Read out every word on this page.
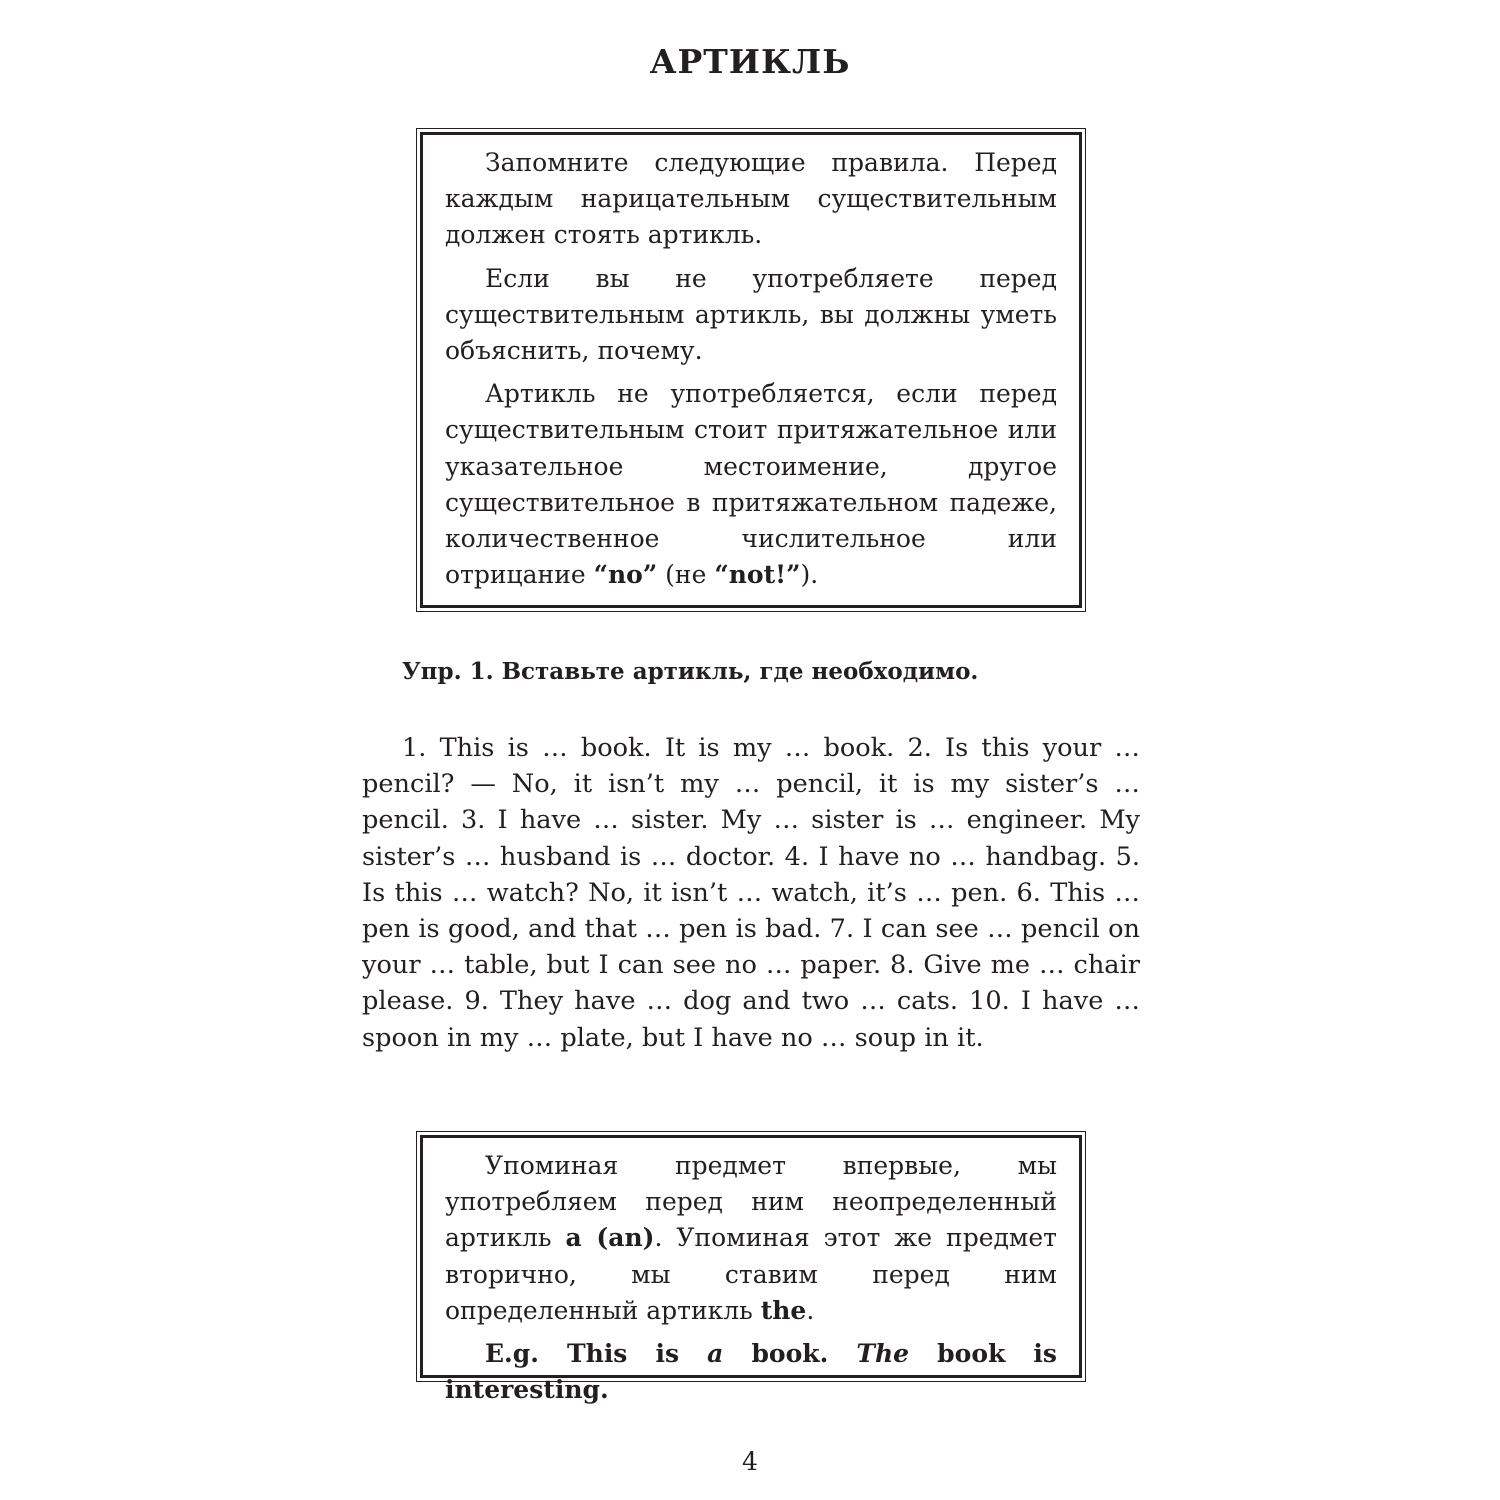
АРТИКЛЬ

Запомните следующие правила. Перед каждым нарицательным существительным должен стоять артикль.

Если вы не употребляете перед существительным артикль, вы должны уметь объяснить, почему.

Артикль не употребляется, если перед существительным стоит притяжательное или указательное местоимение, другое существительное в притяжательном падеже, количественное числительное или отрицание “no” (не “not!”).

Упр. 1. Вставьте артикль, где необходимо.

1. This is … book. It is my … book. 2. Is this your … pencil? — No, it isn’t my … pencil, it is my sister’s … pencil. 3. I have … sister. My … sister is … engineer. My sister’s … husband is … doctor. 4. I have no … handbag. 5. Is this … watch? No, it isn’t … watch, it’s … pen. 6. This … pen is good, and that … pen is bad. 7. I can see … pencil on your … table, but I can see no … paper. 8. Give me … chair please. 9. They have … dog and two … cats. 10. I have … spoon in my … plate, but I have no … soup in it.

Упоминая предмет впервые, мы употребляем перед ним неопределенный артикль a (an). Упоминая этот же предмет вторично, мы ставим перед ним определенный артикль the.

E.g. This is a book. The book is interesting.

4
